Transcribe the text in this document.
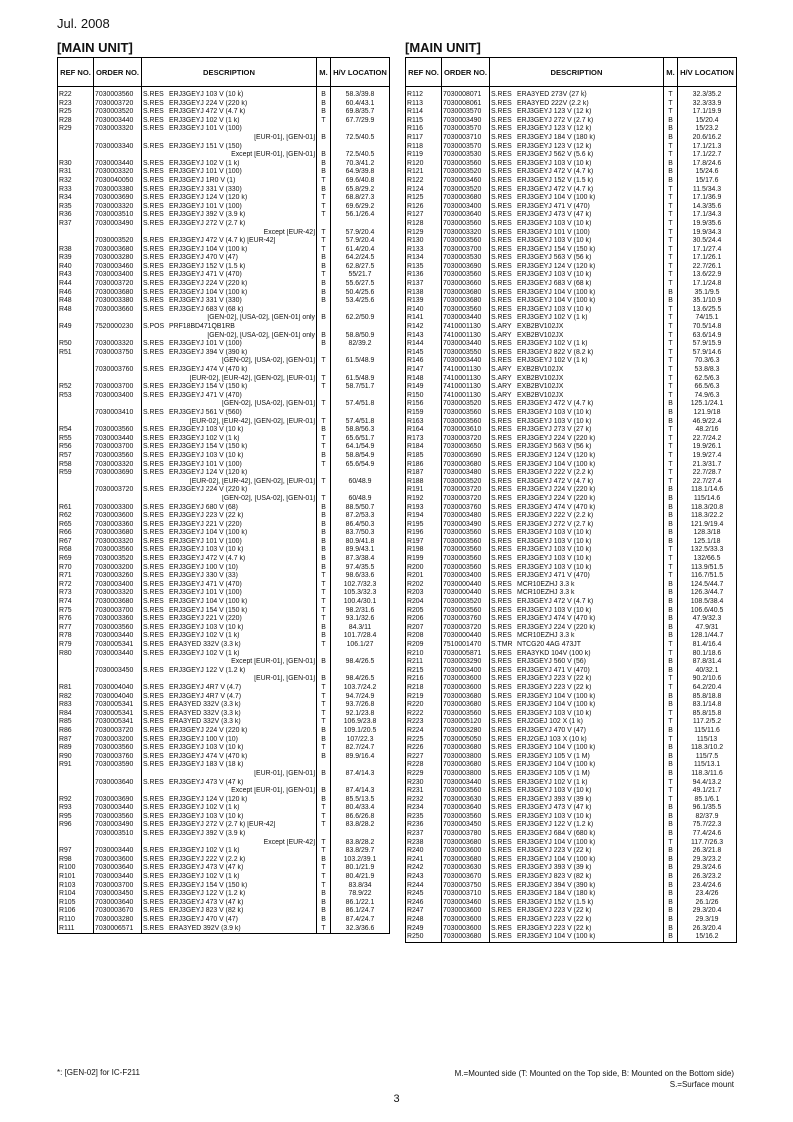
Jul. 2008
[MAIN UNIT]	[MAIN UNIT]
REF NO.	ORDER NO.	DESCRIPTION	M.	H/V LOCATION
R22	7030003560	S.RES ERJ3GEYJ 103 V (10 k)	B	58.3/39.8
R23	7030003720	S.RES ERJ3GEYJ 224 V (220 k)	B	60.4/43.1
R25	7030003520	S.RES ERJ3GEYJ 472 V (4.7 k)	B	69.8/35.7
R28	7030003440	S.RES ERJ3GEYJ 102 V (1 k)	T	67.7/29.9
R29	7030003320	S.RES ERJ3GEYJ 101 V (100)		
		[EUR-01], [GEN-01]	B	72.5/40.5
	7030003340	S.RES ERJ3GEYJ 151 V (150)		
		Except [EUR-01], [GEN-01]	B	72.5/40.5
R30	7030003440	S.RES ERJ3GEYJ 102 V (1 k)	B	70.3/41.2
R31	7030003320	S.RES ERJ3GEYJ 101 V (100)	B	64.9/39.8
R32	7030040050	S.RES ERJ3GEYJ 1R0 V (1)	T	69.6/40.8
R33	7030003380	S.RES ERJ3GEYJ 331 V (330)	B	65.8/29.2
R34	7030003690	S.RES ERJ3GEYJ 124 V (120 k)	T	68.8/27.3
R35	7030003320	S.RES ERJ3GEYJ 101 V (100)	T	69.6/29.2
R36	7030003510	S.RES ERJ3GEYJ 392 V (3.9 k)	T	56.1/26.4
R37	7030003490	S.RES ERJ3GEYJ 272 V (2.7 k)		
		Except [EUR-42]	T	57.9/20.4
	7030003520	S.RES ERJ3GEYJ 472 V (4.7 k) [EUR-42]	T	57.9/20.4
R38	7030003680	S.RES ERJ3GEYJ 104 V (100 k)	T	61.4/20.4
R39	7030003280	S.RES ERJ3GEYJ 470 V (47)	B	64.2/24.5
R40	7030003460	S.RES ERJ3GEYJ 152 V (1.5 k)	B	62.8/27.5
R43	7030003400	S.RES ERJ3GEYJ 471 V (470)	T	55/21.7
R44	7030003720	S.RES ERJ3GEYJ 224 V (220 k)	B	55.6/27.5
R46	7030003680	S.RES ERJ3GEYJ 104 V (100 k)	B	50.4/25.6
R48	7030003380	S.RES ERJ3GEYJ 331 V (330)	B	53.4/25.6
R48	7030003660	S.RES ERJ3GEYJ 683 V (68 k)		
		[GEN-02], [USA-02], [GEN-01] only	B	62.2/50.9
R49	7520000230	S.POS PRF18BD471QB1RB		
		[GEN-02], [USA-02], [GEN-01] only	B	58.8/50.9
R50	7030003320	S.RES ERJ3GEYJ 101 V (100)	B	82/39.2
R51	7030003750	S.RES ERJ3GEYJ 394 V (390 k)		
		[GEN-02], [USA-02], [GEN-01]	T	61.5/48.9
	7030003760	S.RES ERJ3GEYJ 474 V (470 k)		
		[EUR-02], [EUR-42], [GEN-02], [EUR-01]	T	61.5/48.9
R52	7030003700	S.RES ERJ3GEYJ 154 V (150 k)	T	58.7/51.7
R53	7030003400	S.RES ERJ3GEYJ 471 V (470)		
		[GEN-02], [USA-02], [GEN-01]	T	57.4/51.8
	7030003410	S.RES ERJ3GEYJ 561 V (560)		
		[EUR-02], [EUR-42], [GEN-02], [EUR-01]	T	57.4/51.8
R54	7030003560	S.RES ERJ3GEYJ 103 V (10 k)	B	58.8/56.3
R55	7030003440	S.RES ERJ3GEYJ 102 V (1 k)	T	65.6/51.7
R56	7030003700	S.RES ERJ3GEYJ 154 V (150 k)	T	64.1/54.9
R57	7030003560	S.RES ERJ3GEYJ 103 V (10 k)	B	58.8/54.9
R58	7030003320	S.RES ERJ3GEYJ 101 V (100)	T	65.6/54.9
R59	7030003690	S.RES ERJ3GEYJ 124 V (120 k)		
		[EUR-02], [EUR-42], [GEN-02], [EUR-01]	T	60/48.9
	7030003720	S.RES ERJ3GEYJ 224 V (220 k)		
		[GEN-02], [USA-02], [GEN-01]	T	60/48.9
R61	7030003300	S.RES ERJ3GEYJ 680 V (68)	B	88.5/50.7
R62	7030003600	S.RES ERJ3GEYJ 223 V (22 k)	B	87.2/53.3
R65	7030003360	S.RES ERJ3GEYJ 221 V (220)	B	86.4/50.3
R66	7030003680	S.RES ERJ3GEYJ 104 V (100 k)	B	83.7/50.3
R67	7030003320	S.RES ERJ3GEYJ 101 V (100)	B	80.9/41.8
R68	7030003560	S.RES ERJ3GEYJ 103 V (10 k)	B	89.9/43.1
R69	7030003520	S.RES ERJ3GEYJ 472 V (4.7 k)	B	87.3/38.4
R70	7030003200	S.RES ERJ3GEYJ 100 V (10)	B	97.4/35.5
R71	7030003260	S.RES ERJ3GEYJ 330 V (33)	T	98.6/33.6
R72	7030003400	S.RES ERJ3GEYJ 471 V (470)	T	102.7/32.3
R73	7030003320	S.RES ERJ3GEYJ 101 V (100)	T	105.3/32.3
R74	7030003680	S.RES ERJ3GEYJ 104 V (100 k)	T	100.4/30.1
R75	7030003700	S.RES ERJ3GEYJ 154 V (150 k)	T	98.2/31.6
R76	7030003360	S.RES ERJ3GEYJ 221 V (220)	T	93.1/32.6
R77	7030003560	S.RES ERJ3GEYJ 103 V (10 k)	B	84.3/11
R78	7030003440	S.RES ERJ3GEYJ 102 V (1 k)	B	101.7/28.4
R79	7030005341	S.RES ERA3YED 332V (3.3 k)	T	106.1/27
R80	7030003440	S.RES ERJ3GEYJ 102 V (1 k)		
		Except [EUR-01], [GEN-01]	B	98.4/26.5
	7030003450	S.RES ERJ3GEYJ 122 V (1.2 k)		
		[EUR-01], [GEN-01]	B	98.4/26.5
R81	7030004040	S.RES ERJ3GEYJ 4R7 V (4.7)	T	103.7/24.2
R82	7030004040	S.RES ERJ3GEYJ 4R7 V (4.7)	T	94.7/24.9
R83	7030005341	S.RES ERA3YED 332V (3.3 k)	T	93.7/26.8
R84	7030005341	S.RES ERA3YED 332V (3.3 k)	T	92.1/23.8
R85	7030005341	S.RES ERA3YED 332V (3.3 k)	T	106.9/23.8
R86	7030003720	S.RES ERJ3GEYJ 224 V (220 k)	B	109.1/20.5
R87	7030003200	S.RES ERJ3GEYJ 100 V (10)	B	107/22.3
R89	7030003560	S.RES ERJ3GEYJ 103 V (10 k)	T	82.7/24.7
R90	7030003760	S.RES ERJ3GEYJ 474 V (470 k)	B	89.9/16.4
R91	7030003590	S.RES ERJ3GEYJ 183 V (18 k)		
		[EUR-01], [GEN-01]	B	87.4/14.3
	7030003640	S.RES ERJ3GEYJ 473 V (47 k)		
		Except [EUR-01], [GEN-01]	B	87.4/14.3
R92	7030003690	S.RES ERJ3GEYJ 124 V (120 k)	B	85.5/13.5
R93	7030003440	S.RES ERJ3GEYJ 102 V (1 k)	T	80.4/33.4
R95	7030003560	S.RES ERJ3GEYJ 103 V (10 k)	T	86.6/26.8
R96	7030003490	S.RES ERJ3GEYJ 272 V (2.7 k) [EUR-42]	T	83.8/28.2
	7030003510	S.RES ERJ3GEYJ 392 V (3.9 k)		
		Except [EUR-42]	T	83.8/28.2
R97	7030003440	S.RES ERJ3GEYJ 102 V (1 k)	T	83.8/29.7
R98	7030003600	S.RES ERJ3GEYJ 222 V (2.2 k)	B	103.2/39.1
R100	7030003640	S.RES ERJ3GEYJ 473 V (47 k)	T	80.1/21.9
R101	7030003440	S.RES ERJ3GEYJ 102 V (1 k)	T	80.4/21.9
R103	7030003700	S.RES ERJ3GEYJ 154 V (150 k)	T	83.8/34
R104	7030003450	S.RES ERJ3GEYJ 122 V (1.2 k)	B	78.9/22
R105	7030003640	S.RES ERJ3GEYJ 473 V (47 k)	B	86.1/22.1
R106	7030003670	S.RES ERJ3GEYJ 823 V (82 k)	B	86.1/24.7
R110	7030003280	S.RES ERJ3GEYJ 470 V (47)	B	87.4/24.7
R111	7030006571	S.RES ERA3YED 392V (3.9 k)	T	32.3/36.6
REF NO.	ORDER NO.	DESCRIPTION	M.	H/V LOCATION
R112	7030008071	S.RES ERA3YED 273V (27 k)	T	32.3/35.2
R113	7030008061	S.RES ERA3YED 222V (2.2 k)	T	32.3/33.9
R114	7030003570	S.RES ERJ3GEYJ 123 V (12 k)	T	17.1/19.9
R115	7030003490	S.RES ERJ3GEYJ 272 V (2.7 k)	B	15/20.4
R116	7030003570	S.RES ERJ3GEYJ 123 V (12 k)	B	15/23.2
R117	7030003710	S.RES ERJ3GEYJ 184 V (180 k)	B	20.6/16.2
R118	7030003570	S.RES ERJ3GEYJ 123 V (12 k)	T	17.1/21.3
R119	7030003530	S.RES ERJ3GEYJ 562 V (5.6 k)	T	17.1/22.7
R120	7030003560	S.RES ERJ3GEYJ 103 V (10 k)	B	17.8/24.6
R121	7030003520	S.RES ERJ3GEYJ 472 V (4.7 k)	B	15/24.6
R122	7030003460	S.RES ERJ3GEYJ 152 V (1.5 k)	B	15/17.6
R124	7030003520	S.RES ERJ3GEYJ 472 V (4.7 k)	T	11.5/34.3
R125	7030003680	S.RES ERJ3GEYJ 104 V (100 k)	T	17.1/36.9
R126	7030003400	S.RES ERJ3GEYJ 471 V (470)	T	14.3/35.6
R127	7030003640	S.RES ERJ3GEYJ 473 V (47 k)	T	17.1/34.3
R128	7030003560	S.RES ERJ3GEYJ 103 V (10 k)	T	19.9/35.6
R129	7030003320	S.RES ERJ3GEYJ 101 V (100)	T	19.9/34.3
R130	7030003560	S.RES ERJ3GEYJ 103 V (10 k)	T	30.5/24.4
R133	7030003700	S.RES ERJ3GEYJ 154 V (150 k)	T	17.1/27.4
R134	7030003530	S.RES ERJ3GEYJ 563 V (56 k)	T	17.1/26.1
R135	7030003690	S.RES ERJ3GEYJ 124 V (120 k)	T	22.7/26.1
R136	7030003560	S.RES ERJ3GEYJ 103 V (10 k)	T	13.6/22.9
R137	7030003660	S.RES ERJ3GEYJ 683 V (68 k)	T	17.1/24.8
R138	7030003680	S.RES ERJ3GEYJ 104 V (100 k)	B	35.1/9.5
R139	7030003680	S.RES ERJ3GEYJ 104 V (100 k)	B	35.1/10.9
R140	7030003560	S.RES ERJ3GEYJ 103 V (10 k)	T	13.6/25.5
R141	7030003440	S.RES ERJ3GEYJ 102 V (1 k)	T	74/15.1
R142	7410001130	S.ARY EXB2BV102JX	T	70.5/14.8
R143	7410001130	S.ARY EXB2BV102JX	T	63.6/14.9
R144	7030003440	S.RES ERJ3GEYJ 102 V (1 k)	T	57.9/15.9
R145	7030003550	S.RES ERJ3GEYJ 822 V (8.2 k)	T	57.9/14.6
R146	7030003440	S.RES ERJ3GEYJ 102 V (1 k)	T	70.3/6.3
R147	7410001130	S.ARY EXB2BV102JX	T	53.8/8.3
R148	7410001130	S.ARY EXB2BV102JX	T	62.5/6.3
R149	7410001130	S.ARY EXB2BV102JX	T	66.5/6.3
R150	7410001130	S.ARY EXB2BV102JX	T	74.9/6.3
R156	7030003520	S.RES ERJ3GEYJ 472 V (4.7 k)	B	125.1/24.1
R159	7030003560	S.RES ERJ3GEYJ 103 V (10 k)	B	121.9/18
R163	7030003560	S.RES ERJ3GEYJ 103 V (10 k)	B	46.9/22.4
R164	7030003610	S.RES ERJ3GEYJ 273 V (27 k)	T	48.2/16
R173	7030003720	S.RES ERJ3GEYJ 224 V (220 k)	T	22.7/24.2
R184	7030003650	S.RES ERJ3GEYJ 563 V (56 k)	T	19.9/26.1
R185	7030003690	S.RES ERJ3GEYJ 124 V (120 k)	T	19.9/27.4
R186	7030003680	S.RES ERJ3GEYJ 104 V (100 k)	T	21.3/31.7
R187	7030003480	S.RES ERJ3GEYJ 222 V (2.2 k)	T	22.7/28.7
R188	7030003520	S.RES ERJ3GEYJ 472 V (4.7 k)	T	22.7/27.4
R191	7030003720	S.RES ERJ3GEYJ 224 V (220 k)	B	118.1/14.6
R192	7030003720	S.RES ERJ3GEYJ 224 V (220 k)	B	115/14.6
R193	7030003760	S.RES ERJ3GEYJ 474 V (470 k)	B	118.3/20.8
R194	7030003480	S.RES ERJ3GEYJ 222 V (2.2 k)	B	118.3/22.2
R195	7030003490	S.RES ERJ3GEYJ 272 V (2.7 k)	B	121.9/19.4
R196	7030003560	S.RES ERJ3GEYJ 103 V (10 k)	B	128.3/18
R197	7030003560	S.RES ERJ3GEYJ 103 V (10 k)	B	125.1/18
R198	7030003560	S.RES ERJ3GEYJ 103 V (10 k)	T	132.5/33.3
R199	7030003560	S.RES ERJ3GEYJ 103 V (10 k)	T	132/66.5
R200	7030003560	S.RES ERJ3GEYJ 103 V (10 k)	T	113.9/51.5
R201	7030003400	S.RES ERJ3GEYJ 471 V (470)	T	116.7/51.5
R202	7030000440	S.RES MCR10EZHJ 3.3 k	B	124.5/44.7
R203	7030000440	S.RES MCR10EZHJ 3.3 k	B	126.3/44.7
R204	7030003520	S.RES ERJ3GEYJ 472 V (4.7 k)	B	108.5/38.4
R205	7030003560	S.RES ERJ3GEYJ 103 V (10 k)	B	106.6/40.5
R206	7030003760	S.RES ERJ3GEYJ 474 V (470 k)	B	47.9/32.3
R207	7030003720	S.RES ERJ3GEYJ 224 V (220 k)	B	47.9/31
R208	7030000440	S.RES MCR10EZHJ 3.3 k	B	128.1/44.7
R209	7510001470	S.TMR NTCG20 4AG 473JT	T	81.4/16.4
R210	7030005871	S.RES ERA3YKD 104V (100 k)	T	80.1/18.6
R211	7030003290	S.RES ERJ3GEYJ 560 V (56)	B	87.8/31.4
R215	7030003400	S.RES ERJ3GEYJ 471 V (470)	B	40/32.1
R216	7030003600	S.RES ERJ3GEYJ 223 V (22 k)	T	90.2/10.6
R218	7030003600	S.RES ERJ3GEYJ 223 V (22 k)	T	64.2/20.4
R219	7030003680	S.RES ERJ3GEYJ 104 V (100 k)	B	85.8/18.8
R220	7030003680	S.RES ERJ3GEYJ 104 V (100 k)	B	83.1/14.8
R222	7030003560	S.RES ERJ3GEYJ 103 V (10 k)	T	85.8/15.8
R223	7030005120	S.RES ERJ2GEJ 102 X (1 k)	T	117.2/5.2
R224	7030003280	S.RES ERJ3GEYJ 470 V (47)	B	115/11.6
R225	7030005050	S.RES ERJ2GEJ 103 X (10 k)	T	115/13
R226	7030003680	S.RES ERJ3GEYJ 104 V (100 k)	B	118.3/10.2
R227	7030003800	S.RES ERJ3GEYJ 105 V (1 M)	B	115/7.5
R228	7030003680	S.RES ERJ3GEYJ 104 V (100 k)	B	115/13.1
R229	7030003800	S.RES ERJ3GEYJ 105 V (1 M)	B	118.3/11.6
R230	7030003440	S.RES ERJ3GEYJ 102 V (1 k)	T	94.4/13.2
R231	7030003560	S.RES ERJ3GEYJ 103 V (10 k)	T	49.1/21.7
R232	7030003630	S.RES ERJ3GEYJ 393 V (39 k)	T	85.1/6.1
R234	7030003640	S.RES ERJ3GEYJ 473 V (47 k)	B	96.1/35.5
R235	7030003560	S.RES ERJ3GEYJ 103 V (10 k)	B	82/37.9
R236	7030003450	S.RES ERJ3GEYJ 122 V (1.2 k)	B	75.7/22.3
R237	7030003780	S.RES ERJ3GEYJ 684 V (680 k)	B	77.4/24.6
R238	7030003680	S.RES ERJ3GEYJ 104 V (100 k)	T	117.7/26.3
R240	7030003600	S.RES ERJ3GEYJ 223 V (22 k)	B	26.3/21.8
R241	7030003680	S.RES ERJ3GEYJ 104 V (100 k)	B	29.3/23.2
R242	7030003630	S.RES ERJ3GEYJ 393 V (39 k)	B	29.3/24.6
R243	7030003670	S.RES ERJ3GEYJ 823 V (82 k)	B	26.3/23.2
R244	7030003750	S.RES ERJ3GEYJ 394 V (390 k)	B	23.4/24.6
R245	7030003710	S.RES ERJ3GEYJ 184 V (180 k)	B	23.4/26
R246	7030003460	S.RES ERJ3GEYJ 152 V (1.5 k)	B	26.1/26
R247	7030003600	S.RES ERJ3GEYJ 223 V (22 k)	B	29.3/20.4
R248	7030003600	S.RES ERJ3GEYJ 223 V (22 k)	B	29.3/19
R249	7030003600	S.RES ERJ3GEYJ 223 V (22 k)	B	26.3/20.4
R250	7030003680	S.RES ERJ3GEYJ 104 V (100 k)	B	15/16.2
*: [GEN-02] for IC-F211	M.=Mounted side (T: Mounted on the Top side, B: Mounted on the Bottom side)
S.=Surface mount
3
